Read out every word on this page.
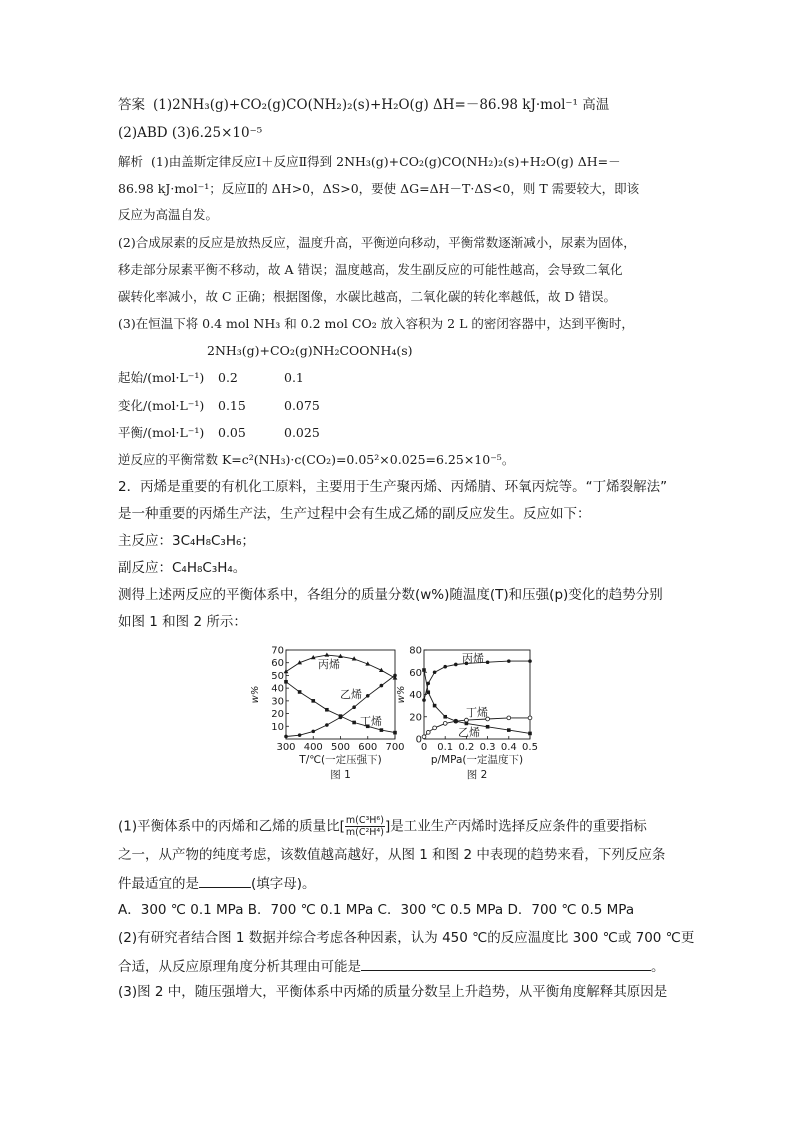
答案 (1)2NH₃(g)+CO₂(g)CO(NH₂)₂(s)+H₂O(g) ΔH=－86.98 kJ·mol⁻¹ 高温
(2)ABD (3)6.25×10⁻⁵
解析 (1)由盖斯定律反应Ⅰ＋反应Ⅱ得到 2NH₃(g)+CO₂(g)CO(NH₂)₂(s)+H₂O(g) ΔH=－
86.98 kJ·mol⁻¹；反应Ⅱ的 ΔH>0，ΔS>0，要使 ΔG=ΔH－T·ΔS<0，则 T 需要较大，即该
反应为高温自发。
(2)合成尿素的反应是放热反应，温度升高，平衡逆向移动，平衡常数逐渐减小，尿素为固体，
移走部分尿素平衡不移动，故 A 错误；温度越高，发生副反应的可能性越高，会导致二氧化
碳转化率减小，故 C 正确；根据图像，水碳比越高，二氧化碳的转化率越低，故 D 错误。
(3)在恒温下将 0.4 mol NH₃ 和 0.2 mol CO₂ 放入容积为 2 L 的密闭容器中，达到平衡时，
2NH₃(g)+CO₂(g)NH₂COONH₄(s)
起始/(mol·L⁻¹) 0.2	0.1
变化/(mol·L⁻¹) 0.15	0.075
平衡/(mol·L⁻¹) 0.05	0.025
逆反应的平衡常数 K=c²(NH₃)·c(CO₂)=0.05²×0.025=6.25×10⁻⁵。
2．丙烯是重要的有机化工原料，主要用于生产聚丙烯、丙烯腈、环氧丙烷等。“丁烯裂解法”
是一种重要的丙烯生产法，生产过程中会有生成乙烯的副反应发生。反应如下：
主反应：3C₄H₈C₃H₆；
副反应：C₄H₈C₃H₄。
测得上述两反应的平衡体系中，各组分的质量分数(w%)随温度(T)和压强(p)变化的趋势分别
如图 1 和图 2 所示：
300 400 500 600 700
10
20
30
40
50
60
70
w%
T/℃(一定压强下)
图 1
丙烯
乙烯
丁烯
0 0.1 0.2 0.3 0.4 0.5
0
20
40
60
80
w%
p/MPa(一定温度下)
图 2
丙烯
丁烯
乙烯
(1)平衡体系中的丙烯和乙烯的质量比[ $\frac{\text{m(C³H⁶)}}{\text{m(C²H⁴)}}$ ]是工业生产丙烯时选择反应条件的重要指标
之一，从产物的纯度考虑，该数值越高越好，从图 1 和图 2 中表现的趋势来看，下列反应条
件最适宜的是	(填字母)。
A．300 ℃ 0.1 MPa B．700 ℃ 0.1 MPa C．300 ℃ 0.5 MPa D．700 ℃ 0.5 MPa
(2)有研究者结合图 1 数据并综合考虑各种因素，认为 450 ℃的反应温度比 300 ℃或 700 ℃更
合适，从反应原理角度分析其理由可能是	。
(3)图 2 中，随压强增大，平衡体系中丙烯的质量分数呈上升趋势，从平衡角度解释其原因是
